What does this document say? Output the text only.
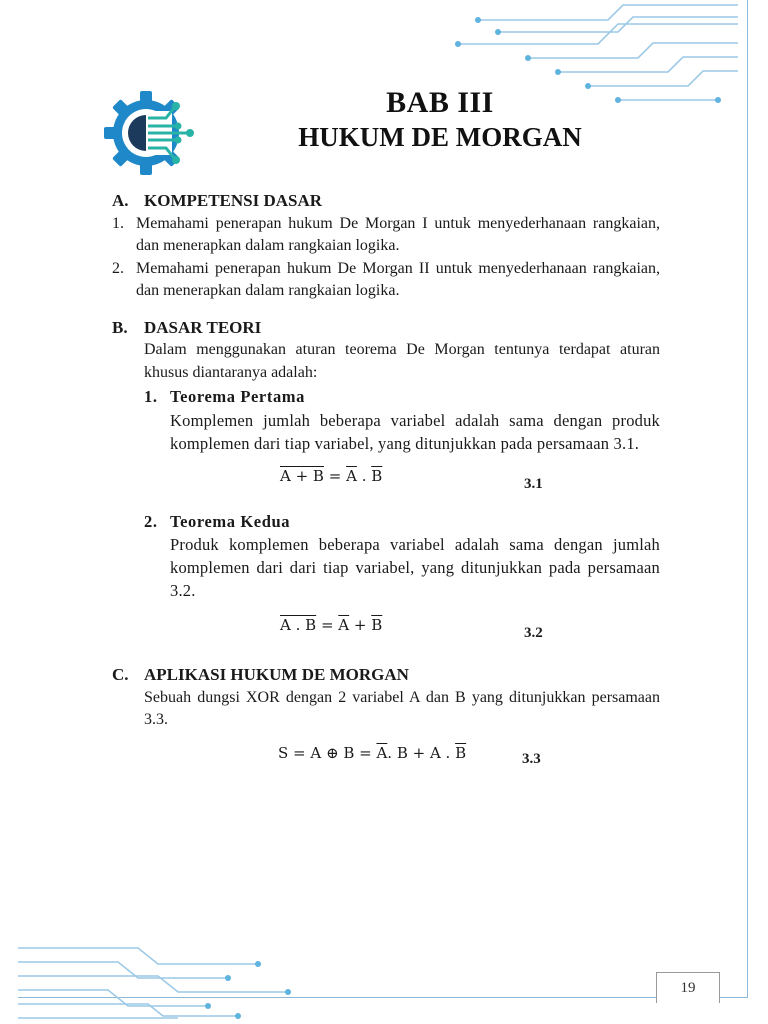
BAB III
HUKUM DE MORGAN
A. KOMPETENSI DASAR
1. Memahami penerapan hukum De Morgan I untuk menyederhanaan rangkaian, dan menerapkan dalam rangkaian logika.
2. Memahami penerapan hukum De Morgan II untuk menyederhanaan rangkaian, dan menerapkan dalam rangkaian logika.
B. DASAR TEORI
Dalam menggunakan aturan teorema De Morgan tentunya terdapat aturan khusus diantaranya adalah:
1. Teorema Pertama
Komplemen jumlah beberapa variabel adalah sama dengan produk komplemen dari tiap variabel, yang ditunjukkan pada persamaan 3.1.
$A + B = \overline{A}$ . $\overline{B}$	3.1
2. Teorema Kedua
Produk komplemen beberapa variabel adalah sama dengan jumlah komplemen dari dari tiap variabel, yang ditunjukkan pada persamaan 3.2.
A . $B = \overline{A} + \overline{B}$	3.2
C. APLIKASI HUKUM DE MORGAN
Sebuah dungsi XOR dengan 2 variabel A dan B yang ditunjukkan persamaan 3.3.
S = A ⊕ $B = \overline{A}$. B + A . $\overline{B}$	3.3
19
